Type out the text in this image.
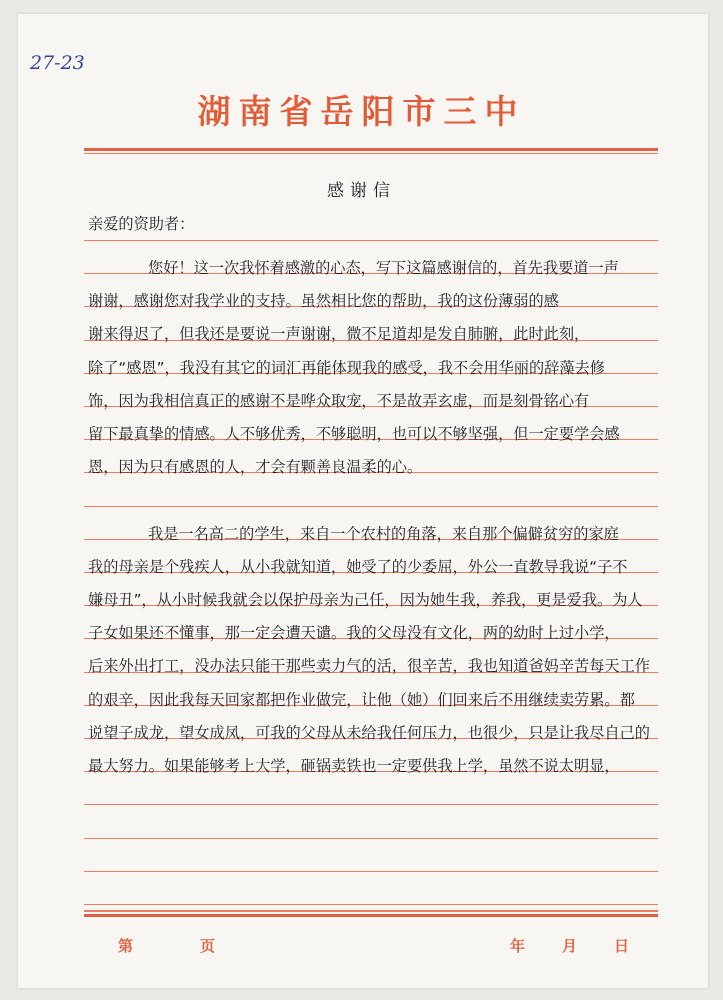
27-23
湖南省岳阳市三中
感谢信
亲爱的资助者：
您好！这一次我怀着感激的心态，写下这篇感谢信的，首先我要道一声
谢谢，感谢您对我学业的支持。虽然相比您的帮助，我的这份薄弱的感
谢来得迟了，但我还是要说一声谢谢，微不足道却是发自肺腑，此时此刻，
除了“感恩”，我没有其它的词汇再能体现我的感受，我不会用华丽的辞藻去修
饰，因为我相信真正的感谢不是哗众取宠，不是故弄玄虚，而是刻骨铭心有
留下最真挚的情感。人不够优秀，不够聪明，也可以不够坚强，但一定要学会感
恩，因为只有感恩的人，才会有颗善良温柔的心。
我是一名高二的学生，来自一个农村的角落，来自那个偏僻贫穷的家庭
我的母亲是个残疾人，从小我就知道，她受了的少委屈，外公一直教导我说“子不
嫌母丑”，从小时候我就会以保护母亲为己任，因为她生我，养我，更是爱我。为人
子女如果还不懂事，那一定会遭天谴。我的父母没有文化，两的幼时上过小学，
后来外出打工，没办法只能干那些卖力气的活，很辛苦，我也知道爸妈辛苦每天工作
的艰辛，因此我每天回家都把作业做完，让他（她）们回来后不用继续卖劳累。都
说望子成龙，望女成凤，可我的父母从未给我任何压力，也很少，只是让我尽自己的
最大努力。如果能够考上大学，砸锅卖铁也一定要供我上学，虽然不说太明显，
第	页	年 月 日
